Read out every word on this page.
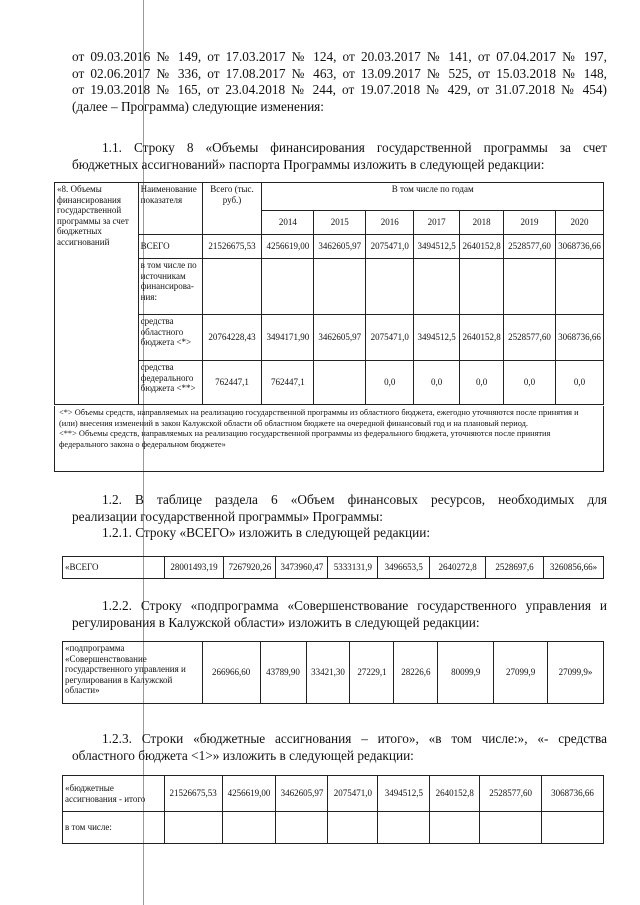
от 09.03.2016 № 149, от 17.03.2017 № 124, от 20.03.2017 № 141, от 07.04.2017 № 197,
от 02.06.2017 № 336, от 17.08.2017 № 463, от 13.09.2017 № 525, от 15.03.2018 № 148,
от 19.03.2018 № 165, от 23.04.2018 № 244, от 19.07.2018 № 429, от 31.07.2018 № 454)
(далее – Программа) следующие изменения:
1.1. Строку 8 «Объемы финансирования государственной программы за счет
бюджетных ассигнований» паспорта Программы изложить в следующей редакции:
«8. Объемы финансирования государственной программы за счет бюджетных ассигнований	Наименование показателя	Всего (тыс. руб.)	В том числе по годам						
			2014	2015	2016	2017	2018	2019	2020
	ВСЕГО	21526675,53	4256619,00	3462605,97	2075471,0	3494512,5	2640152,8	2528577,60	3068736,66
	в том числе по источникам финансирова-ния:								
	средства областного бюджета <*>	20764228,43	3494171,90	3462605,97	2075471,0	3494512,5	2640152,8	2528577,60	3068736,66
	средства федерального бюджета <**>	762447,1	762447,1		0,0	0,0	0,0	0,0	0,0
<*> Объемы средств, направляемых на реализацию государственной программы из областного бюджета, ежегодно уточняются после принятия и (или) внесения изменений в закон Калужской области об областном бюджете на очередной финансовый год и на плановый период.
<**> Объемы средств, направляемых на реализацию государственной программы из федерального бюджета, уточняются после принятия федерального закона о федеральном бюджете»
1.2. В таблице раздела 6 «Объем финансовых ресурсов, необходимых для
реализации государственной программы» Программы:
1.2.1. Строку «ВСЕГО» изложить в следующей редакции:
«ВСЕГО	28001493,19	7267920,26	3473960,47	5333131,9	3496653,5	2640272,8	2528697,6	3260856,66»
1.2.2. Строку «подпрограмма «Совершенствование государственного управления и
регулирования в Калужской области» изложить в следующей редакции:
«подпрограмма «Совершенствование государственного управления и регулирования в Калужской области»	266966,60	43789,90	33421,30	27229,1	28226,6	80099,9	27099,9	27099,9»
1.2.3. Строки «бюджетные ассигнования – итого», «в том числе:», «- средства
областного бюджета <1>» изложить в следующей редакции:
«бюджетные ассигнования - итого	21526675,53	4256619,00	3462605,97	2075471,0	3494512,5	2640152,8	2528577,60	3068736,66
в том числе:								
